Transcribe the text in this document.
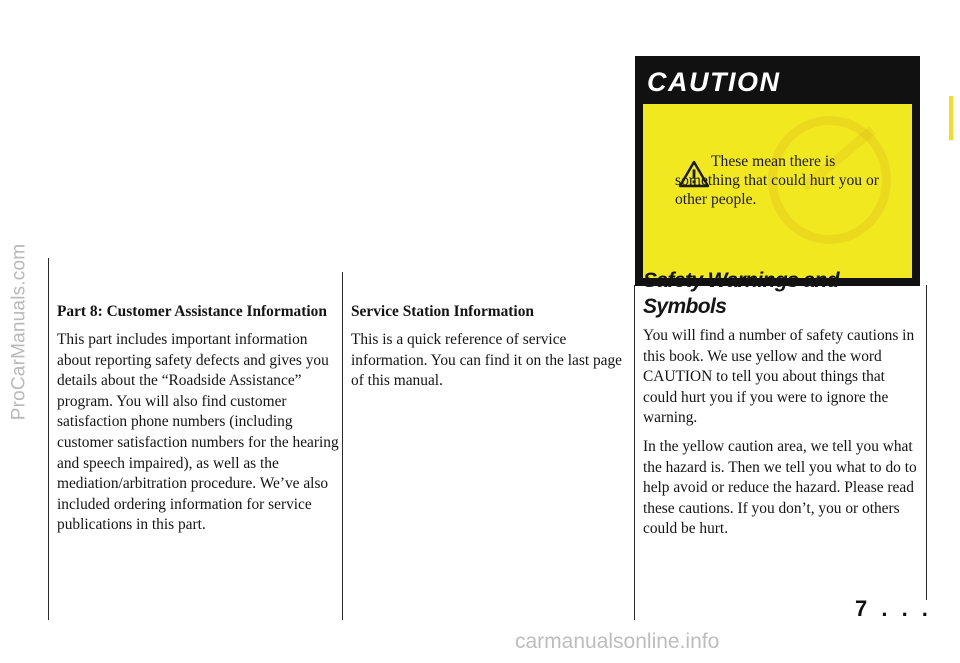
ProCarManuals.com Part 8: Customer Assistance Information

This part includes important information about reporting safety defects and gives you details about the “Roadside Assistance” program. You will also find customer satisfaction phone numbers (including customer satisfaction numbers for the hearing and speech impaired), as well as the mediation/arbitration procedure. We’ve also included ordering information for service publications in this part.

Service Station Information

This is a quick reference of service information. You can find it on the last page of this manual.

CAUTION
These mean there is something that could hurt you or other people.
Safety Warnings and Symbols

You will find a number of safety cautions in this book. We use yellow and the word CAUTION to tell you about things that could hurt you if you were to ignore the warning.

In the yellow caution area, we tell you what the hazard is. Then we tell you what to do to help avoid or reduce the hazard. Please read these cautions. If you don’t, you or others could be hurt.

7 . . .
carmanualsonline.info
